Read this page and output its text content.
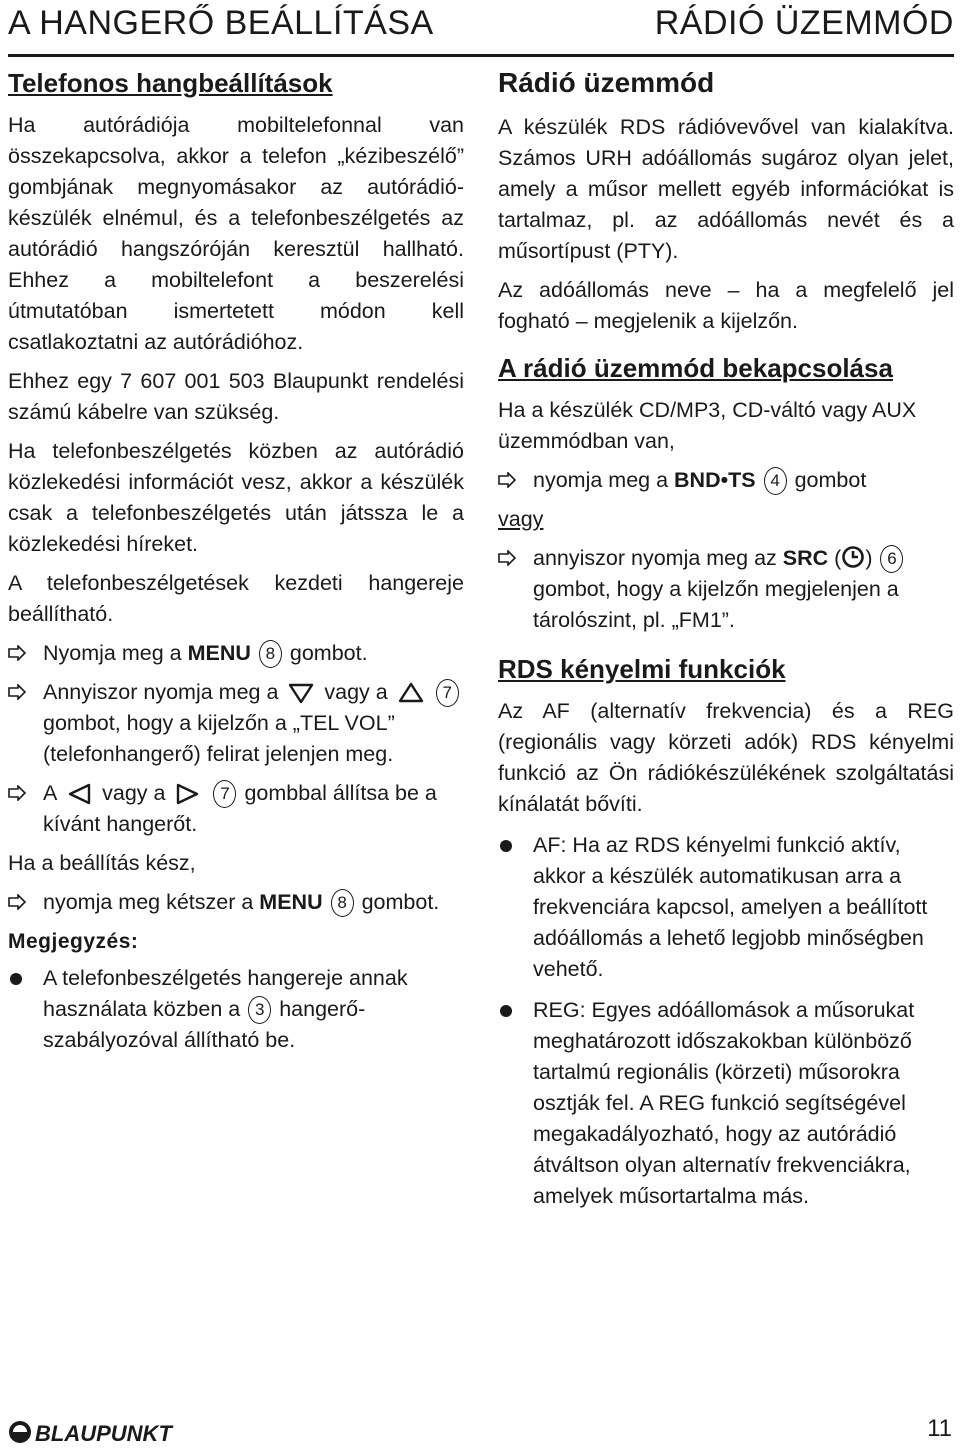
A HANGERŐ BEÁLLÍTÁSA	RÁDIÓ ÜZEMMÓD
Telefonos hangbeállítások
Ha autórádiója mobiltelefonnal van összekapcsolva, akkor a telefon „kézibeszélő” gombjának megnyomásakor az autórádió-készülék elnémul, és a telefonbeszélgetés az autórádió hangszóróján keresztül hallható. Ehhez a mobiltelefont a beszerelési útmutatóban ismertetett módon kell csatlakoztatni az autórádióhoz.
Ehhez egy 7 607 001 503 Blaupunkt rendelési számú kábelre van szükség.
Ha telefonbeszélgetés közben az autórádió közlekedési információt vesz, akkor a készülék csak a telefonbeszélgetés után játssza le a közlekedési híreket.
A telefonbeszélgetések kezdeti hangereje beállítható.
Nyomja meg a MENU 8 gombot.
Annyiszor nyomja meg a vagy a	7 gombot, hogy a kijelzőn a „TEL VOL” (telefonhangerő) felirat jelenjen meg.
A vagy a	7 gombbal állítsa be a kívánt hangerőt.
Ha a beállítás kész,
nyomja meg kétszer a MENU 8 gombot.
Megjegyzés:
A telefonbeszélgetés hangereje annak használata közben a 3 hangerő-szabályozóval állítható be.
Rádió üzemmód
A készülék RDS rádióvevővel van kialakítva. Számos URH adóállomás sugároz olyan jelet, amely a műsor mellett egyéb információkat is tartalmaz, pl. az adóállomás nevét és a műsortípust (PTY).
Az adóállomás neve – ha a megfelelő jel fogható – megjelenik a kijelzőn.
A rádió üzemmód bekapcsolása
Ha a készülék CD/MP3, CD-váltó vagy AUX üzemmódban van,
nyomja meg a BND•TS 4 gombot
vagy
annyiszor nyomja meg az SRC ( ) 6 gombot, hogy a kijelzőn megjelenjen a tárolószint, pl. „FM1”.
RDS kényelmi funkciók
Az AF (alternatív frekvencia) és a REG (regionális vagy körzeti adók) RDS kényelmi funkció az Ön rádiókészülékének szolgáltatási kínálatát bővíti.
AF: Ha az RDS kényelmi funkció aktív, akkor a készülék automatikusan arra a frekvenciára kapcsol, amelyen a beállított adóállomás a lehető legjobb minőségben vehető.
REG: Egyes adóállomások a műsorukat meghatározott időszakokban különböző tartalmú regionális (körzeti) műsorokra osztják fel. A REG funkció segítségével megakadályozható, hogy az autórádió átváltson olyan alternatív frekvenciákra, amelyek műsortartalma más.
BLAUPUNKT	11
